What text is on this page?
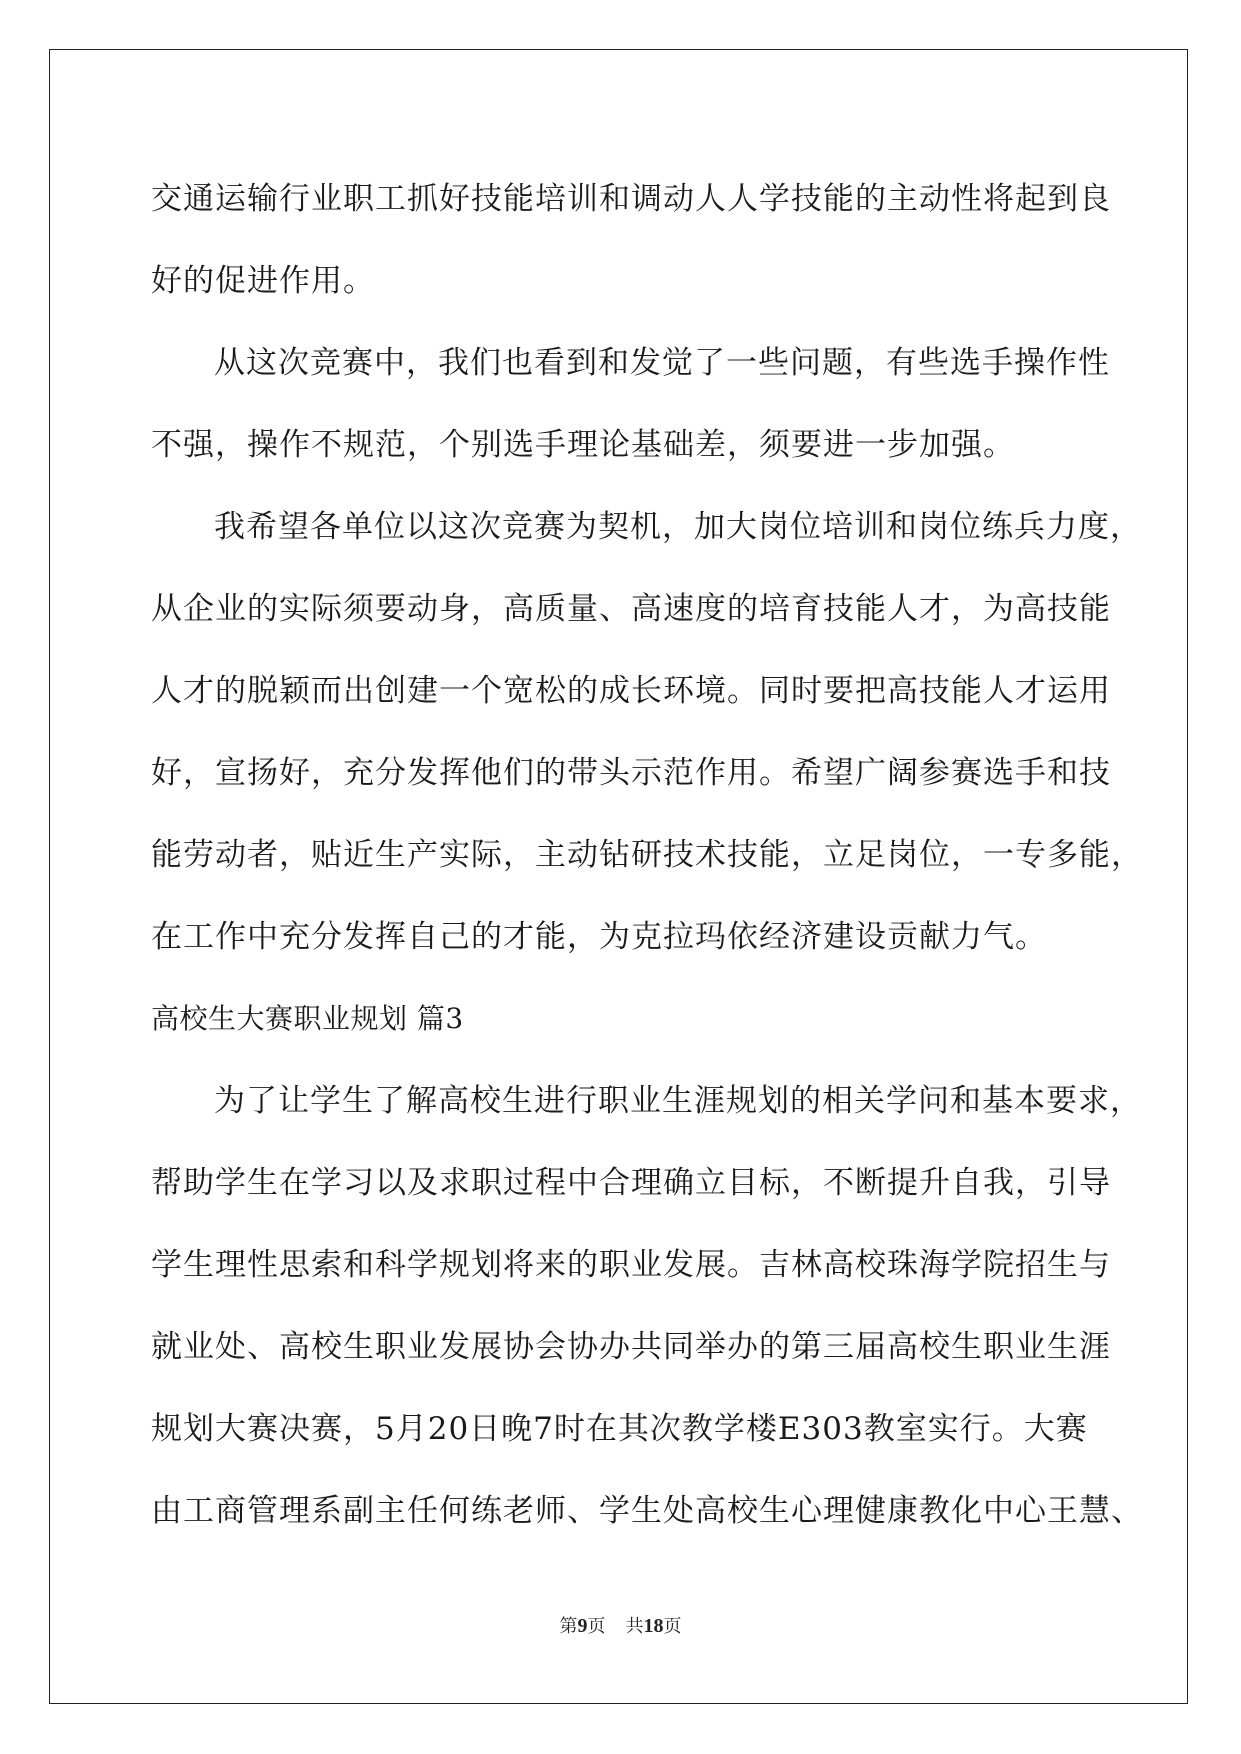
交通运输行业职工抓好技能培训和调动人人学技能的主动性将起到良
好的促进作用。
从这次竞赛中，我们也看到和发觉了一些问题，有些选手操作性
不强，操作不规范，个别选手理论基础差，须要进一步加强。
我希望各单位以这次竞赛为契机，加大岗位培训和岗位练兵力度，
从企业的实际须要动身，高质量、高速度的培育技能人才，为高技能
人才的脱颖而出创建一个宽松的成长环境。同时要把高技能人才运用
好，宣扬好，充分发挥他们的带头示范作用。希望广阔参赛选手和技
能劳动者，贴近生产实际，主动钻研技术技能，立足岗位，一专多能，
在工作中充分发挥自己的才能，为克拉玛依经济建设贡献力气。
高校生大赛职业规划 篇3
为了让学生了解高校生进行职业生涯规划的相关学问和基本要求，
帮助学生在学习以及求职过程中合理确立目标，不断提升自我，引导
学生理性思索和科学规划将来的职业发展。吉林高校珠海学院招生与
就业处、高校生职业发展协会协办共同举办的第三届高校生职业生涯
规划大赛决赛，5月20日晚7时在其次教学楼E303教室实行。大赛
由工商管理系副主任何练老师、学生处高校生心理健康教化中心王慧、
第9页 共18页
